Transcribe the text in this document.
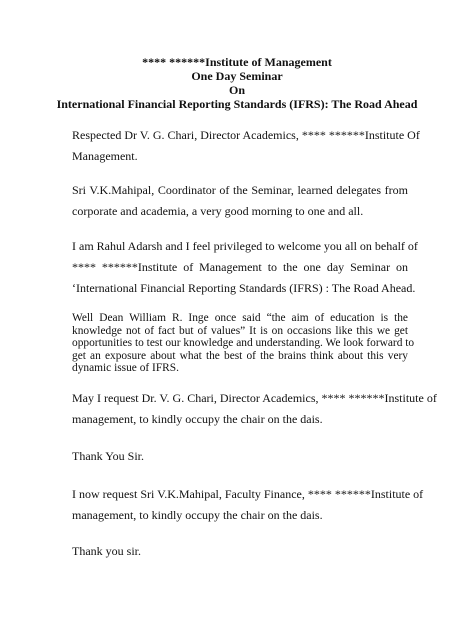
**** ******Institute of Management
One Day Seminar
On
International Financial Reporting Standards (IFRS): The Road Ahead
Respected Dr V. G. Chari, Director Academics, **** ******Institute Of
Management.
Sri V.K.Mahipal, Coordinator of the Seminar, learned delegates from
corporate and academia, a very good morning to one and all.
I am Rahul Adarsh and I feel privileged to welcome you all on behalf of
**** ******Institute of Management to the one day Seminar on
‘International Financial Reporting Standards (IFRS) : The Road Ahead.
Well Dean William R. Inge once said “the aim of education is the
knowledge not of fact but of values” It is on occasions like this we get
opportunities to test our knowledge and understanding. We look forward to
get an exposure about what the best of the brains think about this very
dynamic issue of IFRS.
May I request Dr. V. G. Chari, Director Academics, **** ******Institute of
management, to kindly occupy the chair on the dais.
Thank You Sir.
I now request Sri V.K.Mahipal, Faculty Finance, **** ******Institute of
management, to kindly occupy the chair on the dais.
Thank you sir.
